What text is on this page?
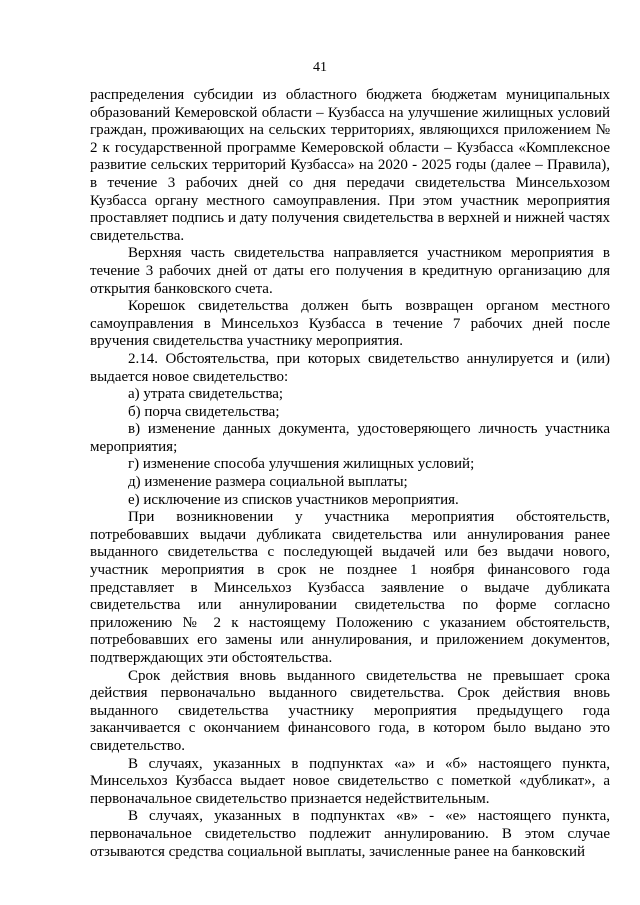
41

распределения субсидии из областного бюджета бюджетам муниципальных образований Кемеровской области – Кузбасса на улучшение жилищных условий граждан, проживающих на сельских территориях, являющихся приложением № 2 к государственной программе Кемеровской области – Кузбасса «Комплексное развитие сельских территорий Кузбасса» на 2020 - 2025 годы (далее – Правила), в течение 3 рабочих дней со дня передачи свидетельства Минсельхозом Кузбасса органу местного самоуправления. При этом участник мероприятия проставляет подпись и дату получения свидетельства в верхней и нижней частях свидетельства.

Верхняя часть свидетельства направляется участником мероприятия в течение 3 рабочих дней от даты его получения в кредитную организацию для открытия банковского счета.

Корешок свидетельства должен быть возвращен органом местного самоуправления в Минсельхоз Кузбасса в течение 7 рабочих дней после вручения свидетельства участнику мероприятия.

2.14. Обстоятельства, при которых свидетельство аннулируется и (или) выдается новое свидетельство:

а) утрата свидетельства;

б) порча свидетельства;

в) изменение данных документа, удостоверяющего личность участника мероприятия;

г) изменение способа улучшения жилищных условий;

д) изменение размера социальной выплаты;

е) исключение из списков участников мероприятия.

При возникновении у участника мероприятия обстоятельств, потребовавших выдачи дубликата свидетельства или аннулирования ранее выданного свидетельства с последующей выдачей или без выдачи нового, участник мероприятия в срок не позднее 1 ноября финансового года представляет в Минсельхоз Кузбасса заявление о выдаче дубликата свидетельства или аннулировании свидетельства по форме согласно приложению № 2 к настоящему Положению с указанием обстоятельств, потребовавших его замены или аннулирования, и приложением документов, подтверждающих эти обстоятельства.

Срок действия вновь выданного свидетельства не превышает срока действия первоначально выданного свидетельства. Срок действия вновь выданного свидетельства участнику мероприятия предыдущего года заканчивается с окончанием финансового года, в котором было выдано это свидетельство.

В случаях, указанных в подпунктах «а» и «б» настоящего пункта, Минсельхоз Кузбасса выдает новое свидетельство с пометкой «дубликат», а первоначальное свидетельство признается недействительным.

В случаях, указанных в подпунктах «в» - «е» настоящего пункта, первоначальное свидетельство подлежит аннулированию. В этом случае отзываются средства социальной выплаты, зачисленные ранее на банковский
